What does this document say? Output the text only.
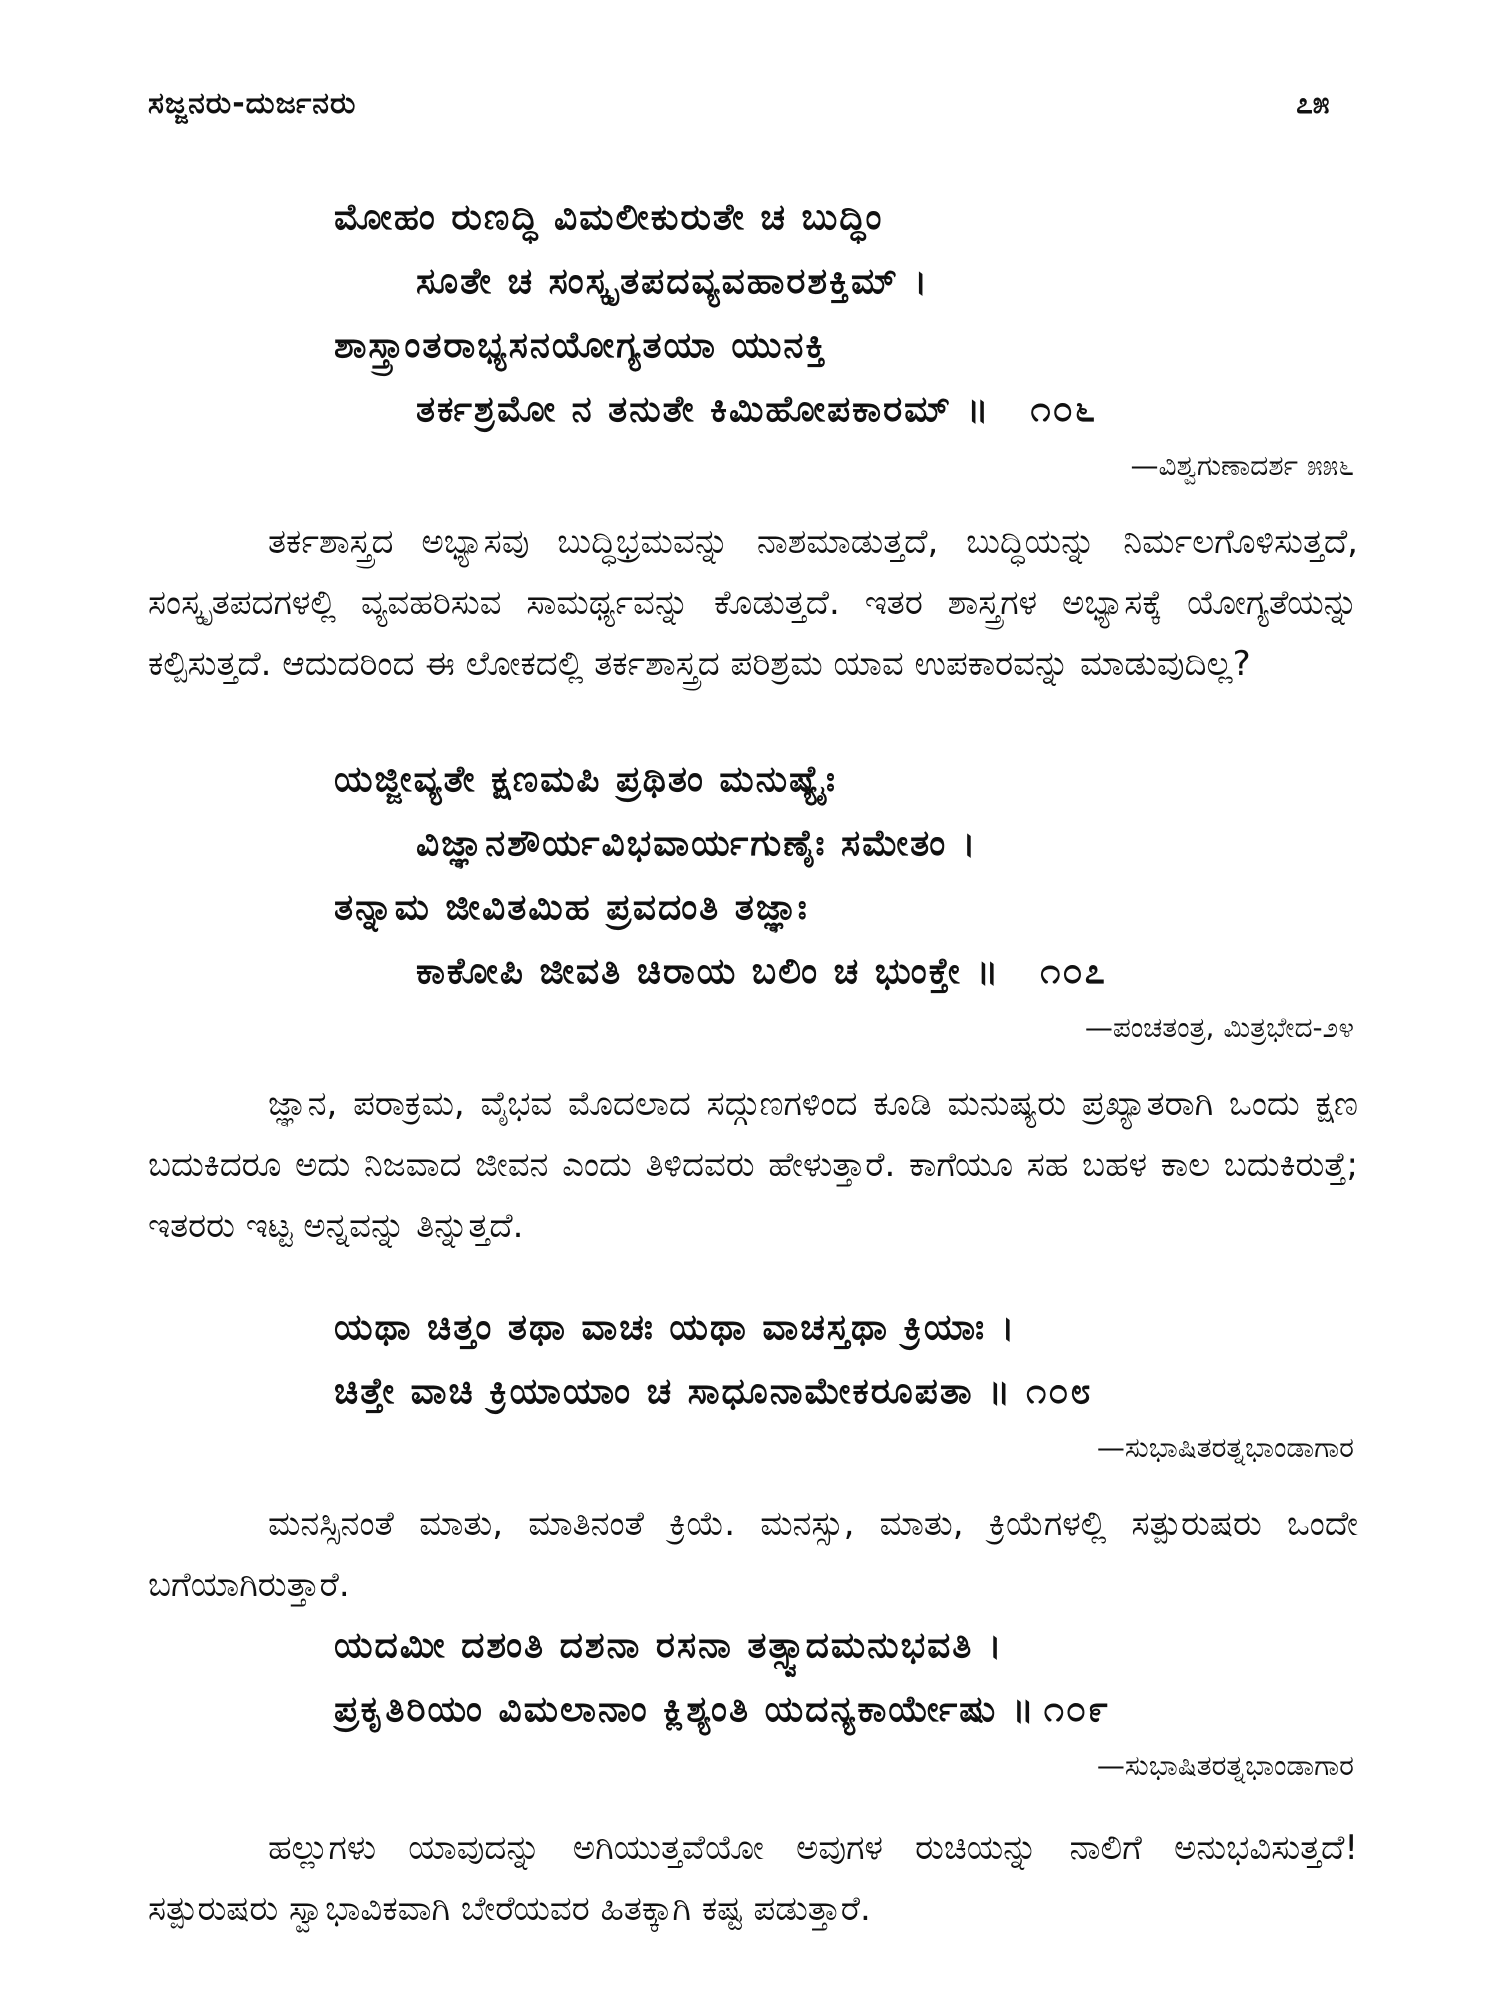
ಸಜ್ಜನರು-ದುರ್ಜನರು	೭೫
ಮೋಹಂ ರುಣದ್ಧಿ ವಿಮಲೀಕುರುತೇ ಚ ಬುದ್ಧಿಂ
ಸೂತೇ ಚ ಸಂಸ್ಕೃತಪದವ್ಯವಹಾರಶಕ್ತಿಮ್ ।
ಶಾಸ್ತ್ರಾಂತರಾಭ್ಯಸನಯೋಗ್ಯತಯಾ ಯುನಕ್ತಿ
ತರ್ಕಶ್ರಮೋ ನ ತನುತೇ ಕಿಮಿಹೋಪಕಾರಮ್ ॥ ೧೦೬
—ವಿಶ್ವಗುಣಾದರ್ಶ ೫೫೬

ತರ್ಕಶಾಸ್ತ್ರದ ಅಭ್ಯಾಸವು ಬುದ್ಧಿಭ್ರಮವನ್ನು ನಾಶಮಾಡುತ್ತದೆ, ಬುದ್ಧಿಯನ್ನು ನಿರ್ಮಲಗೊಳಿಸುತ್ತದೆ, ಸಂಸ್ಕೃತಪದಗಳಲ್ಲಿ ವ್ಯವಹರಿಸುವ ಸಾಮರ್ಥ್ಯವನ್ನು ಕೊಡುತ್ತದೆ. ಇತರ ಶಾಸ್ತ್ರಗಳ ಅಭ್ಯಾಸಕ್ಕೆ ಯೋಗ್ಯತೆಯನ್ನು ಕಲ್ಪಿಸುತ್ತದೆ. ಆದುದರಿಂದ ಈ ಲೋಕದಲ್ಲಿ ತರ್ಕಶಾಸ್ತ್ರದ ಪರಿಶ್ರಮ ಯಾವ ಉಪಕಾರವನ್ನು ಮಾಡುವುದಿಲ್ಲ?

ಯಜ್ಜೀವ್ಯತೇ ಕ್ಷಣಮಪಿ ಪ್ರಥಿತಂ ಮನುಷ್ಯೈಃ
ವಿಜ್ಞಾನಶೌರ್ಯವಿಭವಾರ್ಯಗುಣೈಃ ಸಮೇತಂ ।
ತನ್ನಾಮ ಜೀವಿತಮಿಹ ಪ್ರವದಂತಿ ತಜ್ಞಾಃ
ಕಾಕೋಪಿ ಜೀವತಿ ಚಿರಾಯ ಬಲಿಂ ಚ ಭುಂಕ್ತೇ ॥ ೧೦೭
—ಪಂಚತಂತ್ರ, ಮಿತ್ರಭೇದ-೨೪

ಜ್ಞಾನ, ಪರಾಕ್ರಮ, ವೈಭವ ಮೊದಲಾದ ಸದ್ಗುಣಗಳಿಂದ ಕೂಡಿ ಮನುಷ್ಯರು ಪ್ರಖ್ಯಾತರಾಗಿ ಒಂದು ಕ್ಷಣ ಬದುಕಿದರೂ ಅದು ನಿಜವಾದ ಜೀವನ ಎಂದು ತಿಳಿದವರು ಹೇಳುತ್ತಾರೆ. ಕಾಗೆಯೂ ಸಹ ಬಹಳ ಕಾಲ ಬದುಕಿರುತ್ತೆ; ಇತರರು ಇಟ್ಟ ಅನ್ನವನ್ನು ತಿನ್ನುತ್ತದೆ.

ಯಥಾ ಚಿತ್ತಂ ತಥಾ ವಾಚಃ ಯಥಾ ವಾಚಸ್ತಥಾ ಕ್ರಿಯಾಃ ।
ಚಿತ್ತೇ ವಾಚಿ ಕ್ರಿಯಾಯಾಂ ಚ ಸಾಧೂನಾಮೇಕರೂಪತಾ ॥ ೧೦೮
—ಸುಭಾಷಿತರತ್ನಭಾಂಡಾಗಾರ

ಮನಸ್ಸಿನಂತೆ ಮಾತು, ಮಾತಿನಂತೆ ಕ್ರಿಯೆ. ಮನಸ್ಸು, ಮಾತು, ಕ್ರಿಯೆಗಳಲ್ಲಿ ಸತ್ಪುರುಷರು ಒಂದೇ ಬಗೆಯಾಗಿರುತ್ತಾರೆ.

ಯದಮೀ ದಶಂತಿ ದಶನಾ ರಸನಾ ತತ್ಸ್ವಾದಮನುಭವತಿ ।
ಪ್ರಕೃತಿರಿಯಂ ವಿಮಲಾನಾಂ ಕ್ಲಿಶ್ಯಂತಿ ಯದನ್ಯಕಾರ್ಯೇಷು ॥ ೧೦೯
—ಸುಭಾಷಿತರತ್ನಭಾಂಡಾಗಾರ

ಹಲ್ಲುಗಳು ಯಾವುದನ್ನು ಅಗಿಯುತ್ತವೆಯೋ ಅವುಗಳ ರುಚಿಯನ್ನು ನಾಲಿಗೆ ಅನುಭವಿಸುತ್ತದೆ! ಸತ್ಪುರುಷರು ಸ್ವಾಭಾವಿಕವಾಗಿ ಬೇರೆಯವರ ಹಿತಕ್ಕಾಗಿ ಕಷ್ಟ ಪಡುತ್ತಾರೆ.
